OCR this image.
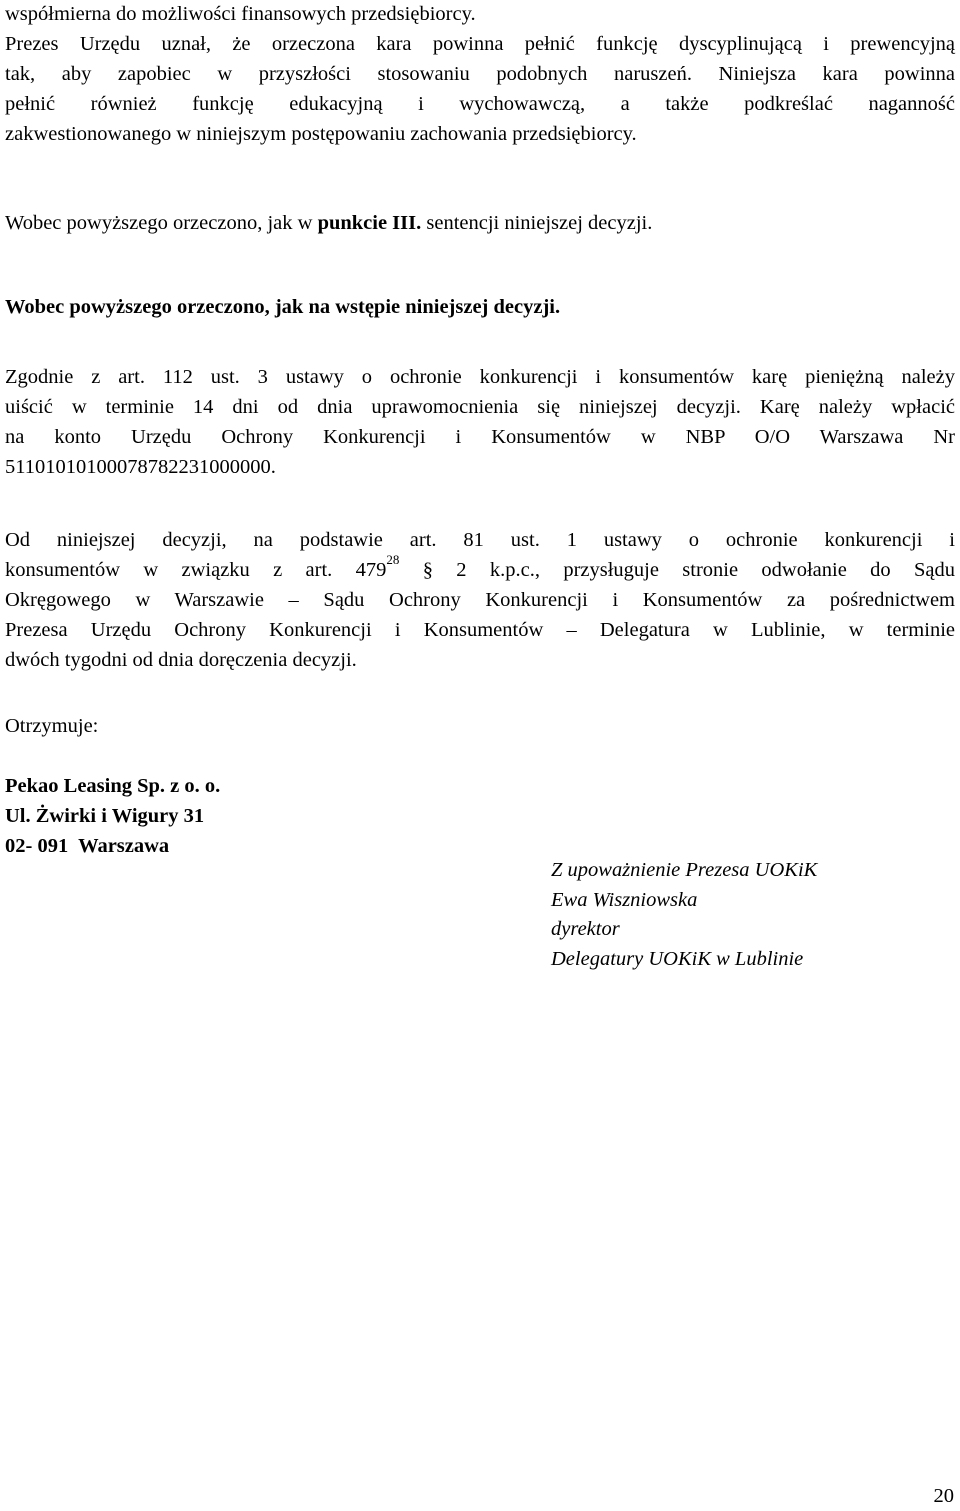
współmierna do możliwości finansowych przedsiębiorcy.
Prezes Urzędu uznał, że orzeczona kara powinna pełnić funkcję dyscyplinującą i prewencyjną
tak, aby zapobiec w przyszłości stosowaniu podobnych naruszeń. Niniejsza kara powinna
pełnić również funkcję edukacyjną i wychowawczą, a także podkreślać naganność
zakwestionowanego w niniejszym postępowaniu zachowania przedsiębiorcy.
Wobec powyższego orzeczono, jak w punkcie III. sentencji niniejszej decyzji.
Wobec powyższego orzeczono, jak na wstępie niniejszej decyzji.
Zgodnie z art. 112 ust. 3 ustawy o ochronie konkurencji i konsumentów karę pieniężną należy
uiścić w terminie 14 dni od dnia uprawomocnienia się niniejszej decyzji. Karę należy wpłacić
na konto Urzędu Ochrony Konkurencji i Konsumentów w NBP O/O Warszawa Nr
51101010100078782231000000.
Od niniejszej decyzji, na podstawie art. 81 ust. 1 ustawy o ochronie konkurencji i
konsumentów w związku z art. $479^{28}$ § 2 k.p.c., przysługuje stronie odwołanie do Sądu
Okręgowego w Warszawie – Sądu Ochrony Konkurencji i Konsumentów za pośrednictwem
Prezesa Urzędu Ochrony Konkurencji i Konsumentów – Delegatura w Lublinie, w terminie
dwóch tygodni od dnia doręczenia decyzji.
Otrzymuje:
Pekao Leasing Sp. z o. o.
Ul. Żwirki i Wigury 31
02- 091  Warszawa
Z upoważnienie Prezesa UOKiK
Ewa Wiszniowska
dyrektor
Delegatury UOKiK w Lublinie
20
